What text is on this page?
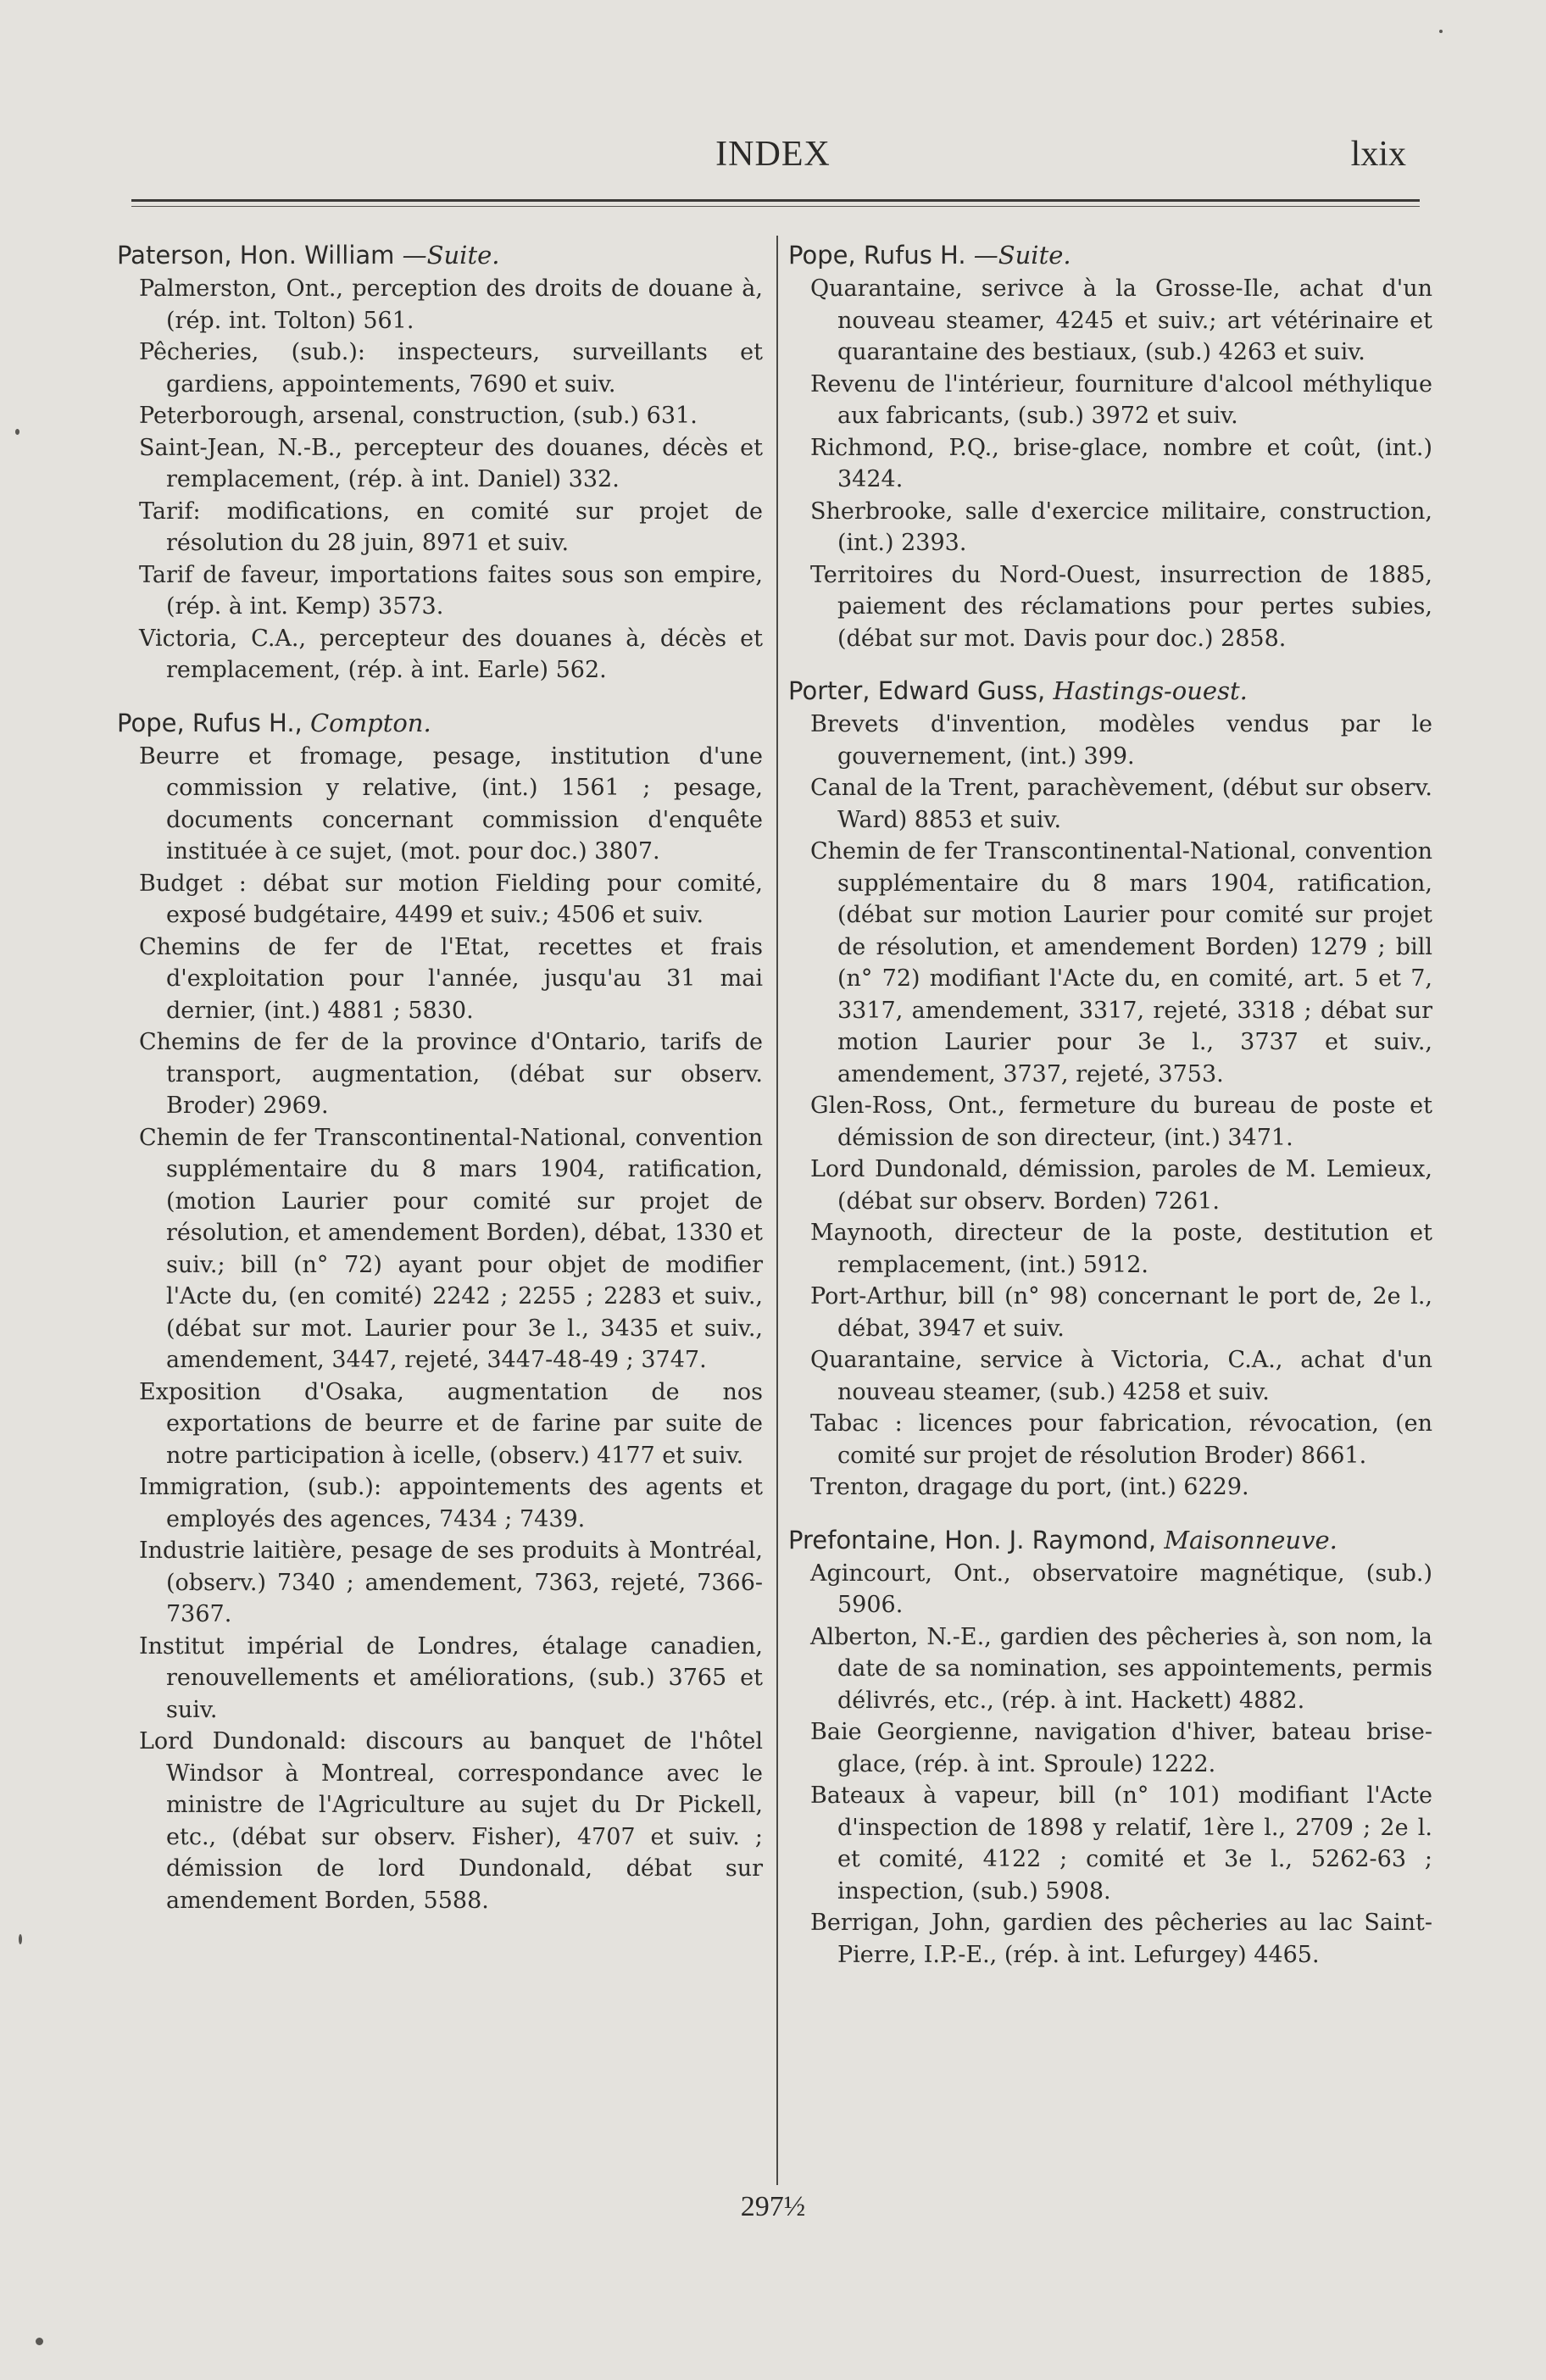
INDEX	lxix

Paterson, Hon. William —Suite.

Palmerston, Ont., perception des droits de douane à, (rép. int. Tolton) 561.

Pêcheries, (sub.): inspecteurs, surveillants et gardiens, appointements, 7690 et suiv.

Peterborough, arsenal, construction, (sub.) 631.

Saint-Jean, N.-B., percepteur des douanes, décès et remplacement, (rép. à int. Daniel) 332.

Tarif: modifications, en comité sur projet de résolution du 28 juin, 8971 et suiv.

Tarif de faveur, importations faites sous son empire, (rép. à int. Kemp) 3573.

Victoria, C.A., percepteur des douanes à, décès et remplacement, (rép. à int. Earle) 562.

Pope, Rufus H., Compton.

Beurre et fromage, pesage, institution d'une commission y relative, (int.) 1561 ; pesage, documents concernant commission d'enquête instituée à ce sujet, (mot. pour doc.) 3807.

Budget : débat sur motion Fielding pour comité, exposé budgétaire, 4499 et suiv.; 4506 et suiv.

Chemins de fer de l'Etat, recettes et frais d'exploitation pour l'année, jusqu'au 31 mai dernier, (int.) 4881 ; 5830.

Chemins de fer de la province d'Ontario, tarifs de transport, augmentation, (débat sur observ. Broder) 2969.

Chemin de fer Transcontinental-National, convention supplémentaire du 8 mars 1904, ratification, (motion Laurier pour comité sur projet de résolution, et amendement Borden), débat, 1330 et suiv.; bill (n° 72) ayant pour objet de modifier l'Acte du, (en comité) 2242 ; 2255 ; 2283 et suiv., (débat sur mot. Laurier pour 3e l., 3435 et suiv., amendement, 3447, rejeté, 3447-48-49 ; 3747.

Exposition d'Osaka, augmentation de nos exportations de beurre et de farine par suite de notre participation à icelle, (observ.) 4177 et suiv.

Immigration, (sub.): appointements des agents et employés des agences, 7434 ; 7439.

Industrie laitière, pesage de ses produits à Montréal, (observ.) 7340 ; amendement, 7363, rejeté, 7366-7367.

Institut impérial de Londres, étalage canadien, renouvellements et améliorations, (sub.) 3765 et suiv.

Lord Dundonald: discours au banquet de l'hôtel Windsor à Montreal, correspondance avec le ministre de l'Agriculture au sujet du Dr Pickell, etc., (débat sur observ. Fisher), 4707 et suiv. ; démission de lord Dundonald, débat sur amendement Borden, 5588.

Pope, Rufus H. —Suite.

Quarantaine, serivce à la Grosse-Ile, achat d'un nouveau steamer, 4245 et suiv.; art vétérinaire et quarantaine des bestiaux, (sub.) 4263 et suiv.

Revenu de l'intérieur, fourniture d'alcool méthylique aux fabricants, (sub.) 3972 et suiv.

Richmond, P.Q., brise-glace, nombre et coût, (int.) 3424.

Sherbrooke, salle d'exercice militaire, construction, (int.) 2393.

Territoires du Nord-Ouest, insurrection de 1885, paiement des réclamations pour pertes subies, (débat sur mot. Davis pour doc.) 2858.

Porter, Edward Guss, Hastings-ouest.

Brevets d'invention, modèles vendus par le gouvernement, (int.) 399.

Canal de la Trent, parachèvement, (début sur observ. Ward) 8853 et suiv.

Chemin de fer Transcontinental-National, convention supplémentaire du 8 mars 1904, ratification, (débat sur motion Laurier pour comité sur projet de résolution, et amendement Borden) 1279 ; bill (n° 72) modifiant l'Acte du, en comité, art. 5 et 7, 3317, amendement, 3317, rejeté, 3318 ; débat sur motion Laurier pour 3e l., 3737 et suiv., amendement, 3737, rejeté, 3753.

Glen-Ross, Ont., fermeture du bureau de poste et démission de son directeur, (int.) 3471.

Lord Dundonald, démission, paroles de M. Lemieux, (débat sur observ. Borden) 7261.

Maynooth, directeur de la poste, destitution et remplacement, (int.) 5912.

Port-Arthur, bill (n° 98) concernant le port de, 2e l., débat, 3947 et suiv.

Quarantaine, service à Victoria, C.A., achat d'un nouveau steamer, (sub.) 4258 et suiv.

Tabac : licences pour fabrication, révocation, (en comité sur projet de résolution Broder) 8661.

Trenton, dragage du port, (int.) 6229.

Prefontaine, Hon. J. Raymond, Maisonneuve.

Agincourt, Ont., observatoire magnétique, (sub.) 5906.

Alberton, N.-E., gardien des pêcheries à, son nom, la date de sa nomination, ses appointements, permis délivrés, etc., (rép. à int. Hackett) 4882.

Baie Georgienne, navigation d'hiver, bateau brise-glace, (rép. à int. Sproule) 1222.

Bateaux à vapeur, bill (n° 101) modifiant l'Acte d'inspection de 1898 y relatif, 1ère l., 2709 ; 2e l. et comité, 4122 ; comité et 3e l., 5262-63 ; inspection, (sub.) 5908.

Berrigan, John, gardien des pêcheries au lac Saint-Pierre, I.P.-E., (rép. à int. Lefurgey) 4465.

297½
